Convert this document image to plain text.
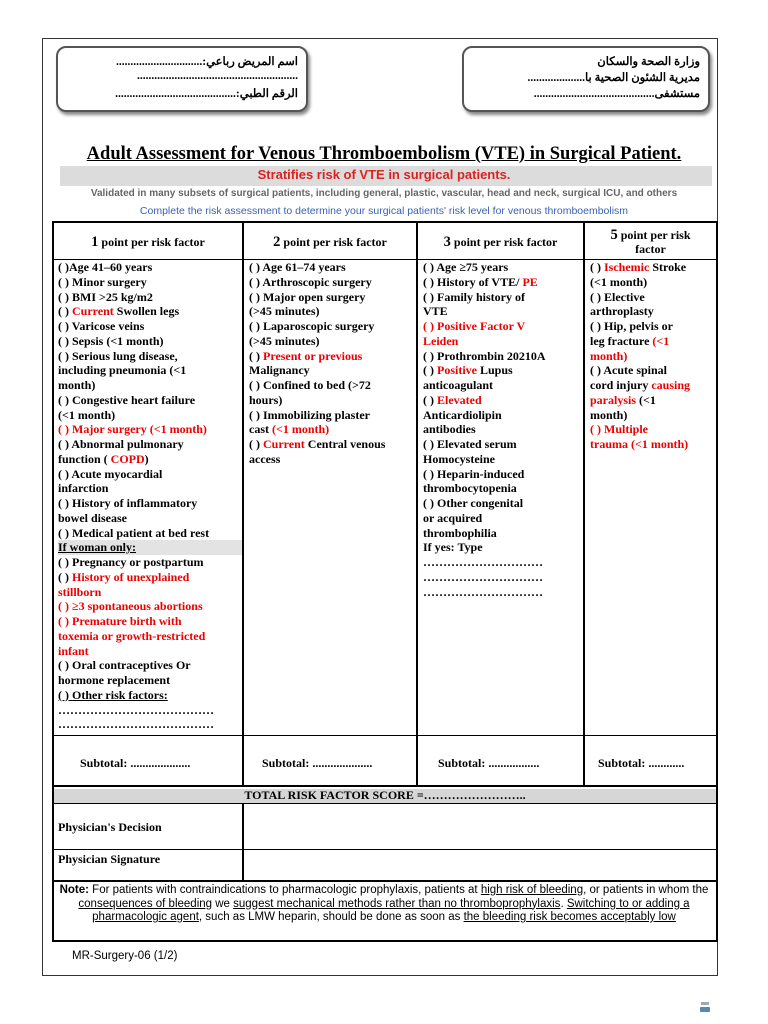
اسم المريض رباعي:..............................
........................................................
الرقم الطبي:..........................................
وزارة الصحة والسكان
مديرية الشئون الصحية با....................
مستشفى..........................................
Adult Assessment for Venous Thromboembolism (VTE) in Surgical Patient.
Stratifies risk of VTE in surgical patients.
Validated in many subsets of surgical patients, including general, plastic, vascular, head and neck, surgical ICU, and others
Complete the risk assessment to determine your surgical patients' risk level for venous thromboembolism
1 point per risk factor	2 point per risk factor	3 point per risk factor	5 point per risk
factor
( )Age 41–60 years
( ) Minor surgery
( ) BMI >25 kg/m2
( ) Current Swollen legs
( ) Varicose veins
( ) Sepsis (<1 month)
( ) Serious lung disease,
including pneumonia (<1
month)
( ) Congestive heart failure
(<1 month)
( ) Major surgery (<1 month)
( ) Abnormal pulmonary
function ( COPD)
( ) Acute myocardial
infarction
( ) History of inflammatory
bowel disease
( ) Medical patient at bed rest
If woman only:
( ) Pregnancy or postpartum
( ) History of unexplained
stillborn
( ) ≥3 spontaneous abortions
( ) Premature birth with
toxemia or growth-restricted
infant
( ) Oral contraceptives Or
hormone replacement
( ) Other risk factors:
…………………………………
…………………………………
( ) Age 61–74 years
( ) Arthroscopic surgery
( ) Major open surgery
(>45 minutes)
( ) Laparoscopic surgery
(>45 minutes)
( ) Present or previous
Malignancy
( ) Confined to bed (>72
hours)
( ) Immobilizing plaster
cast (<1 month)
( ) Current Central venous
access
( ) Age ≥75 years
( ) History of VTE/ PE
( ) Family history of
VTE
( ) Positive Factor V
Leiden
( ) Prothrombin 20210A
( ) Positive Lupus
anticoagulant
( ) Elevated
Anticardiolipin
antibodies
( ) Elevated serum
Homocysteine
( ) Heparin-induced
thrombocytopenia
( ) Other congenital
or acquired
thrombophilia
If yes: Type
…………………………
…………………………
…………………………
( ) Ischemic Stroke
(<1 month)
( ) Elective
arthroplasty
( ) Hip, pelvis or
leg fracture (<1
month)
( ) Acute spinal
cord injury causing
paralysis (<1
month)
( ) Multiple
trauma (<1 month)
Subtotal: ....................	Subtotal: ....................	Subtotal: .................	Subtotal: ............
TOTAL RISK FACTOR SCORE =……………………..
Physician's Decision
Physician Signature
Note: For patients with contraindications to pharmacologic prophylaxis, patients at high risk of bleeding, or patients in whom the consequences of bleeding we suggest mechanical methods rather than no thromboprophylaxis. Switching to or adding a pharmacologic agent, such as LMW heparin, should be done as soon as the bleeding risk becomes acceptably low
MR-Surgery-06 (1/2)
